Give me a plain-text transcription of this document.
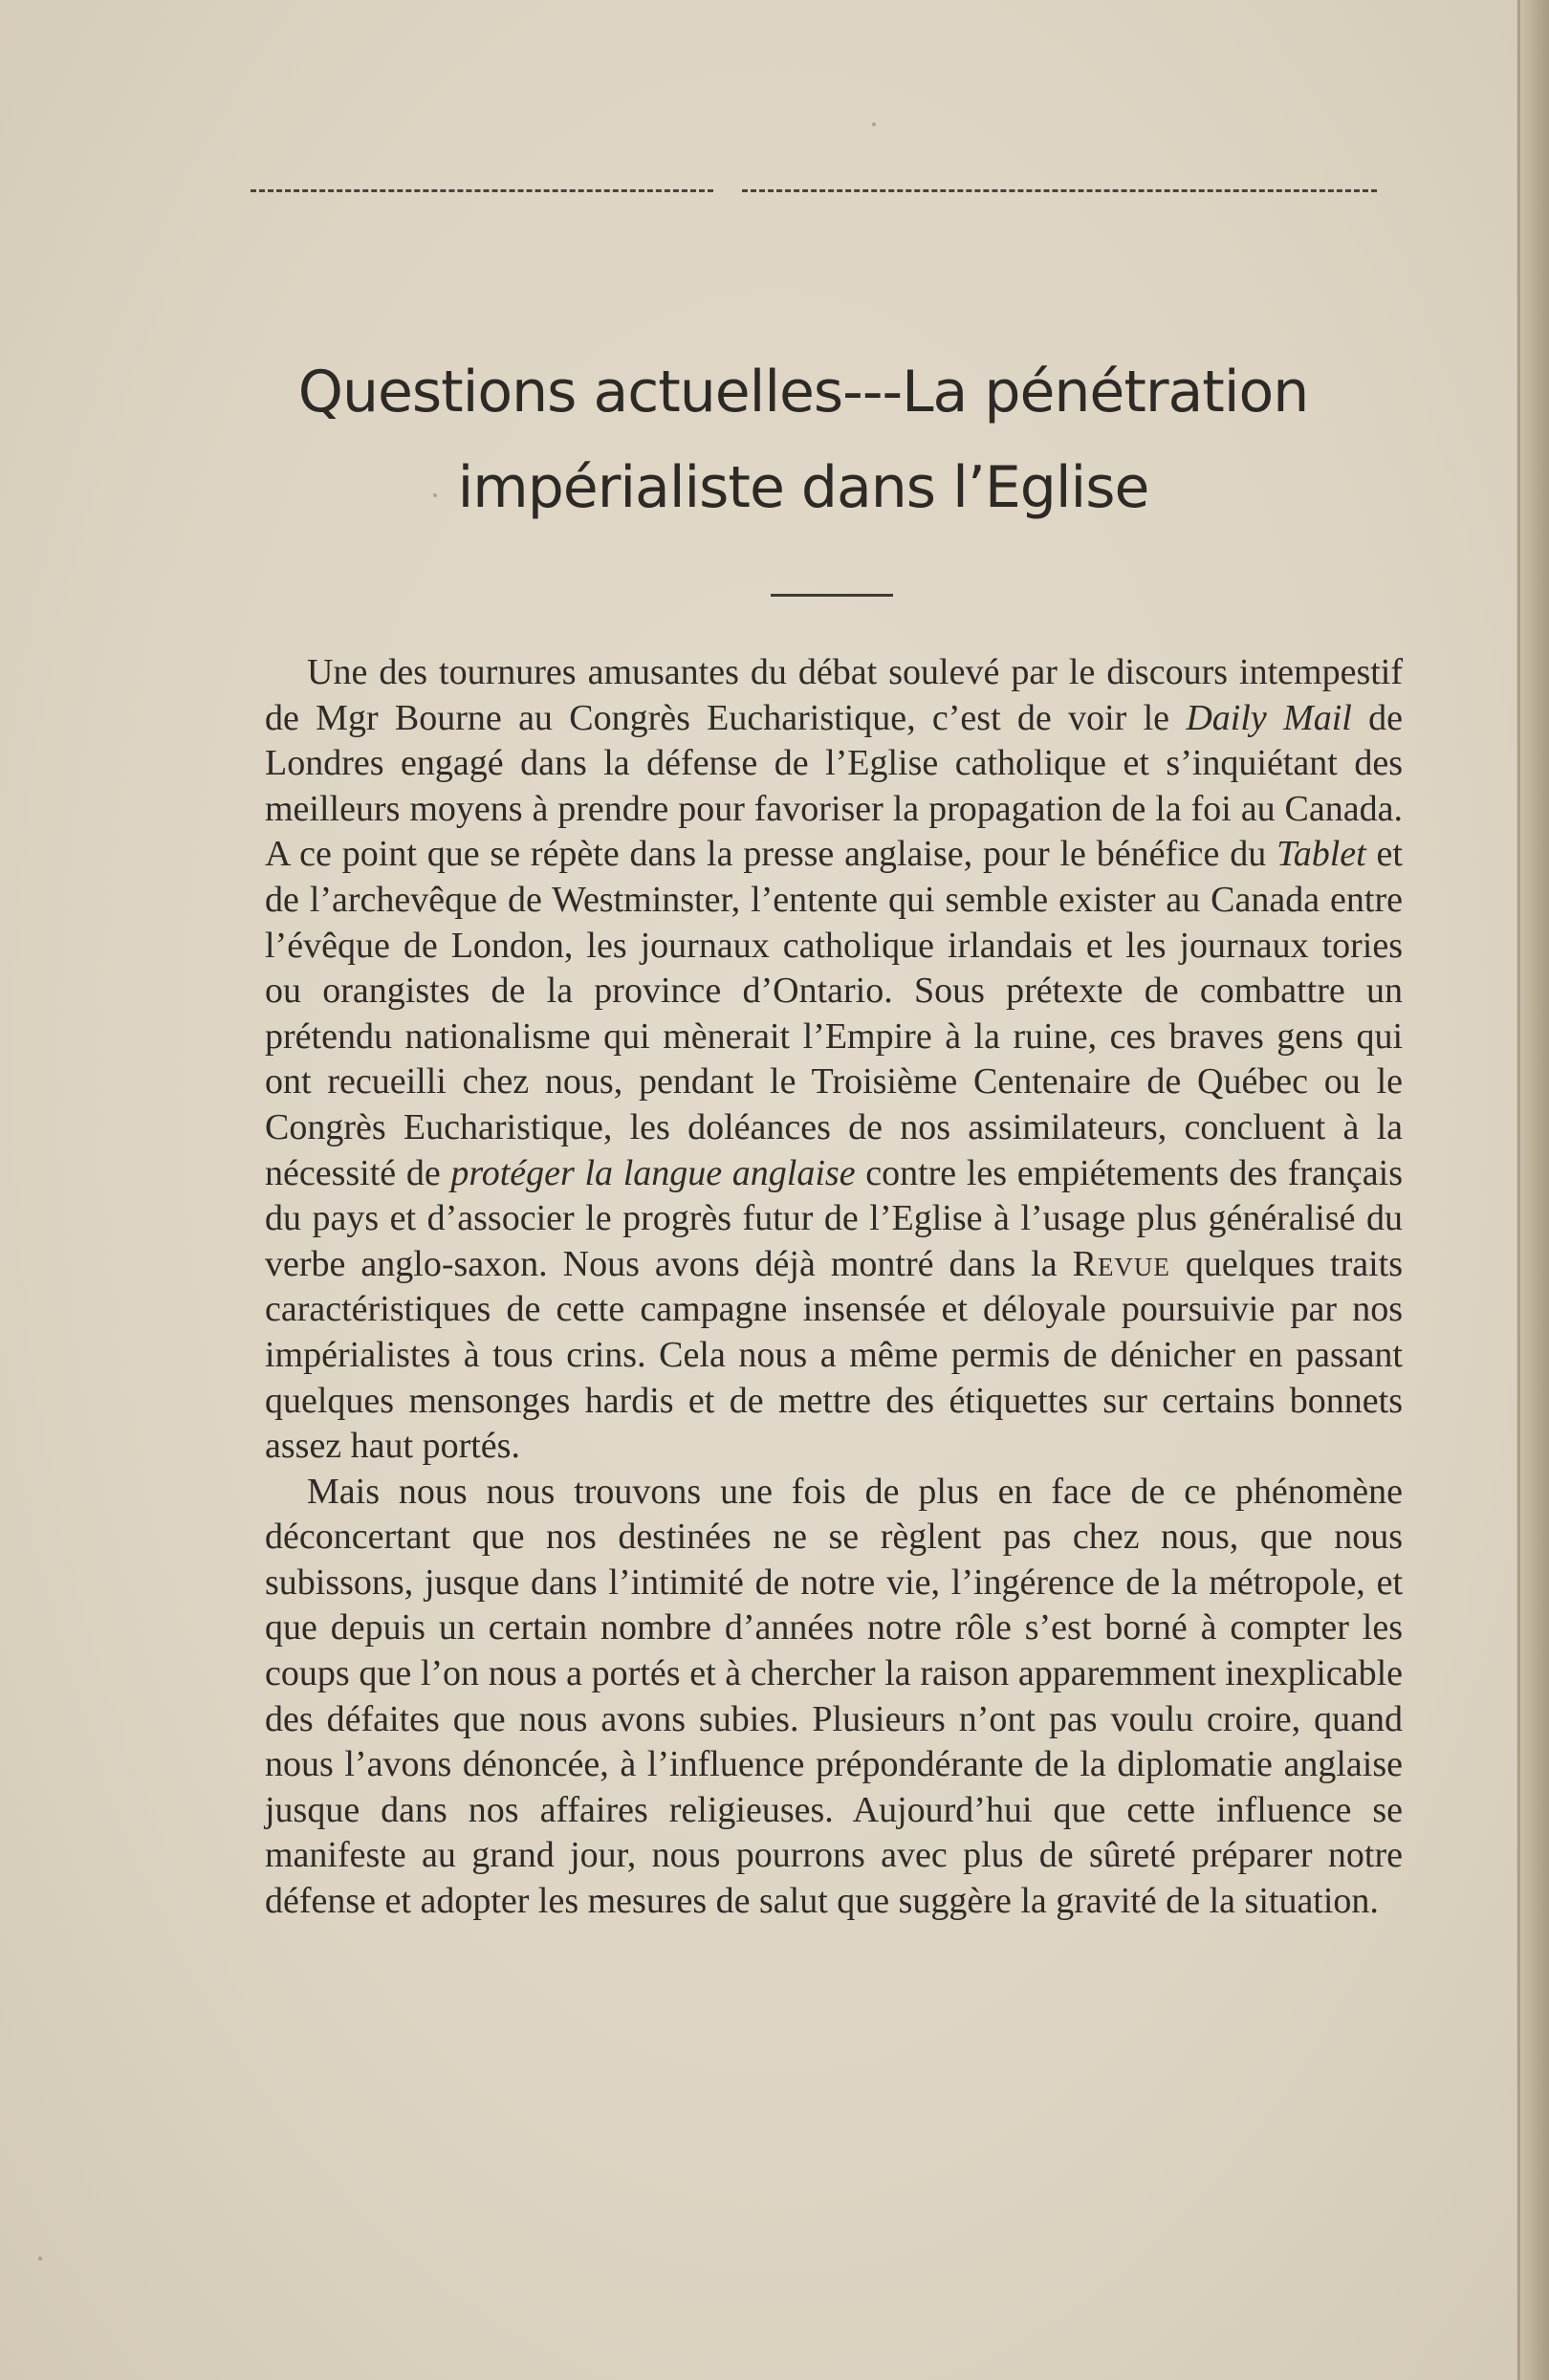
Questions actuelles---La pénétration
impérialiste dans l’Eglise

Une des tournures amusantes du débat soulevé par le discours intempestif de Mgr Bourne au Congrès Eucharistique, c’est de voir le Daily Mail de Londres engagé dans la défense de l’Eglise catholique et s’inquiétant des meilleurs moyens à prendre pour favoriser la propagation de la foi au Canada. A ce point que se répète dans la presse anglaise, pour le bénéfice du Tablet et de l’archevêque de Westminster, l’entente qui semble exister au Canada entre l’évêque de London, les journaux catholique irlandais et les journaux tories ou orangistes de la province d’Ontario. Sous prétexte de combattre un prétendu nationalisme qui mènerait l’Empire à la ruine, ces braves gens qui ont recueilli chez nous, pendant le Troisième Centenaire de Québec ou le Congrès Eucharistique, les doléances de nos assimilateurs, concluent à la nécessité de protéger la langue anglaise contre les empiétements des français du pays et d’associer le progrès futur de l’Eglise à l’usage plus généralisé du verbe anglo-saxon. Nous avons déjà montré dans la Revue quelques traits caractéristiques de cette campagne insensée et déloyale poursuivie par nos impérialistes à tous crins. Cela nous a même permis de dénicher en passant quelques mensonges hardis et de mettre des étiquettes sur certains bonnets assez haut portés.

Mais nous nous trouvons une fois de plus en face de ce phénomène déconcertant que nos destinées ne se règlent pas chez nous, que nous subissons, jusque dans l’intimité de notre vie, l’ingérence de la métropole, et que depuis un certain nombre d’années notre rôle s’est borné à compter les coups que l’on nous a portés et à chercher la raison apparemment inexplicable des défaites que nous avons subies. Plusieurs n’ont pas voulu croire, quand nous l’avons dénoncée, à l’influence prépondérante de la diplomatie anglaise jusque dans nos affaires religieuses. Aujourd’hui que cette influence se manifeste au grand jour, nous pourrons avec plus de sûreté préparer notre défense et adopter les mesures de salut que suggère la gravité de la situation.
